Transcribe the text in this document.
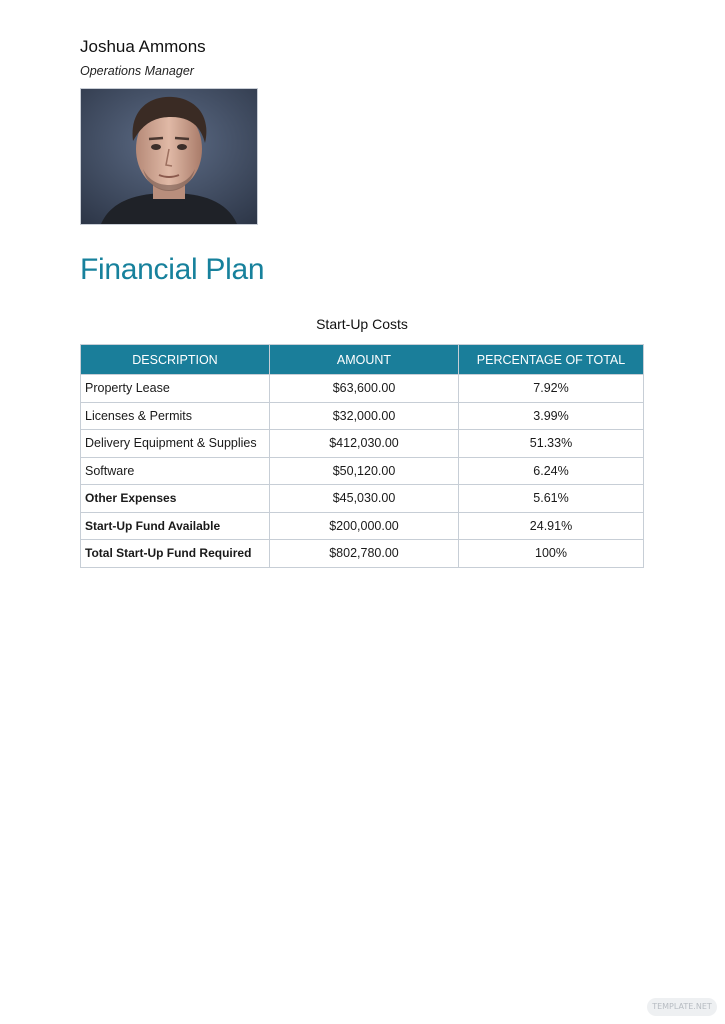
Joshua Ammons
Operations Manager
Financial Plan
Start-Up Costs
DESCRIPTION	AMOUNT	PERCENTAGE OF TOTAL
Property Lease	$63,600.00	7.92%
Licenses & Permits	$32,000.00	3.99%
Delivery Equipment & Supplies	$412,030.00	51.33%
Software	$50,120.00	6.24%
Other Expenses	$45,030.00	5.61%
Start-Up Fund Available	$200,000.00	24.91%
Total Start-Up Fund Required	$802,780.00	100%
TEMPLATE.NET
